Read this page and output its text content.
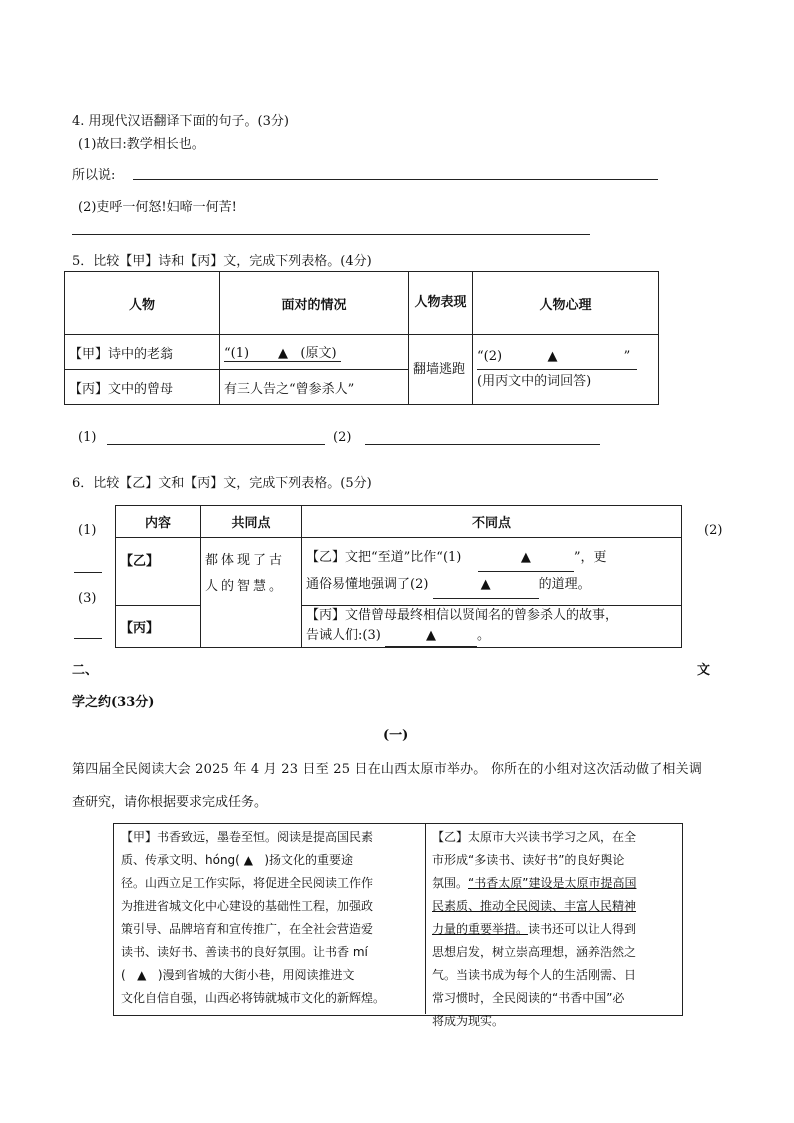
4. 用现代汉语翻译下面的句子。(3分)
(1)故曰:教学相长也。
所以说:
(2)吏呼一何怒!妇啼一何苦!
5．比较【甲】诗和【丙】文，完成下列表格。(4分)
人物	面对的情况	人物表现	人物心理
【甲】诗中的老翁	“(1) ▲ (原文)	翻墙逃跑	“(2) ▲ ”
(用丙文中的词回答)

【丙】文中的曾母	有三人告之“曾参杀人”		
(1)	(2)
6．比较【乙】文和【丙】文，完成下列表格。(5分)
(1)
(3)
(2)
内容	共同点	不同点
【乙】	都体现了古人的智慧。	【乙】文把“至道”比作“(1) ▲ ”，更
通俗易懂地强调了(2) ▲ 的道理。

【丙】		【丙】文借曾母最终相信以贤闻名的曾参杀人的故事，
告诫人们:(3) ▲ 。
二、	文
学之约(33分)
(一)
第四届全民阅读大会 2025 年 4 月 23 日至 25 日在山西太原市举办。 你所在的小组对这次活动做了相关调
查研究，请你根据要求完成任务。
【甲】书香致远，墨卷至恒。阅读是提高国民素
质、传承文明、hóng( ▲ )扬文化的重要途
径。山西立足工作实际，将促进全民阅读工作作
为推进省城文化中心建设的基础性工程，加强政
策引导、品牌培育和宣传推广，在全社会营造爱
读书、读好书、善读书的良好氛围。让书香 mí
( ▲ )漫到省城的大街小巷，用阅读推进文
文化自信自强，山西必将铸就城市文化的新辉煌。
【乙】太原市大兴读书学习之风，在全
市形成“多读书、读好书”的良好舆论
氛围。“书香太原”建设是太原市提高国
民素质、推动全民阅读、丰富人民精神
力量的重要举措。读书还可以让人得到
思想启发，树立崇高理想，涵养浩然之
气。当读书成为每个人的生活刚需、日
常习惯时，全民阅读的“书香中国”必
将成为现实。
